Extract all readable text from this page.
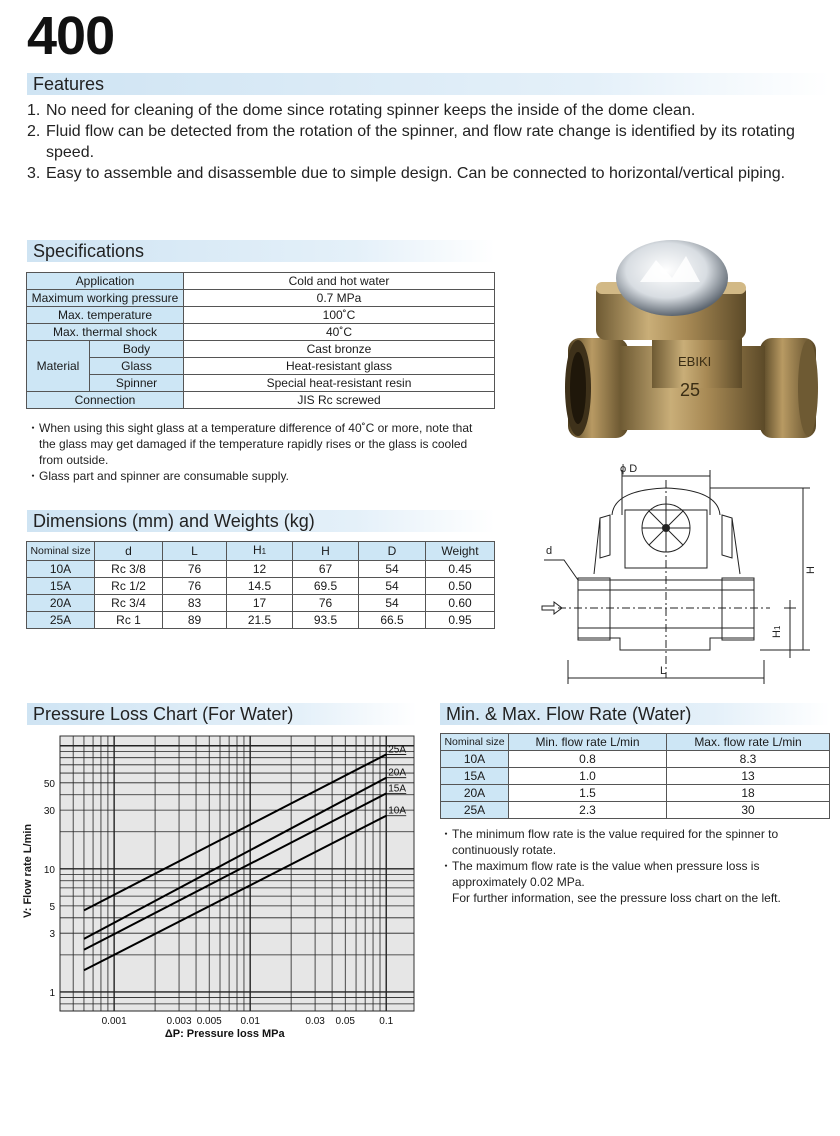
400
Features
1. No need for cleaning of the dome since rotating spinner keeps the inside of the dome clean.
2. Fluid flow can be detected from the rotation of the spinner, and flow rate change is identified by its rotating speed.
3. Easy to assemble and disassemble due to simple design. Can be connected to horizontal/vertical piping.
Specifications
Application		Cold and hot water
Maximum working pressure		0.7 MPa
Max. temperature		100˚C
Max. thermal shock		40˚C
Material	Body	Cast bronze
	Glass	Heat-resistant glass
	Spinner	Special heat-resistant resin
Connection		JIS Rc screwed
・ When using this sight glass at a temperature difference of 40˚C or more, note that the glass may get damaged if the temperature rapidly rises or the glass is cooled from outside.
・ Glass part and spinner are consumable supply.
Dimensions (mm) and Weights (kg)
Nominal size	d	L	H1	H	D	Weight
10A	Rc 3/8	76	12	67	54	0.45
15A	Rc 1/2	76	14.5	69.5	54	0.50
20A	Rc 3/4	83	17	76	54	0.60
25A	Rc 1	89	21.5	93.5	66.5	0.95
EBIKI
25
ϕ D
d
H
H1
L
Pressure Loss Chart (For Water)
V: Flow rate L/min
25A
20A
15A
10A
0.001	0.003 0.005 0.01	0.03 0.05 0.1
1
3
5
10
30
50
ΔP: Pressure loss MPa
Min. & Max. Flow Rate (Water)
Nominal size	Min. flow rate L/min	Max. flow rate L/min
10A	0.8	8.3
15A	1.0	13
20A	1.5	18
25A	2.3	30
・ The minimum flow rate is the value required for the spinner to continuously rotate.
・ The maximum flow rate is the value when pressure loss is approximately 0.02 MPa.
For further information, see the pressure loss chart on the left.
